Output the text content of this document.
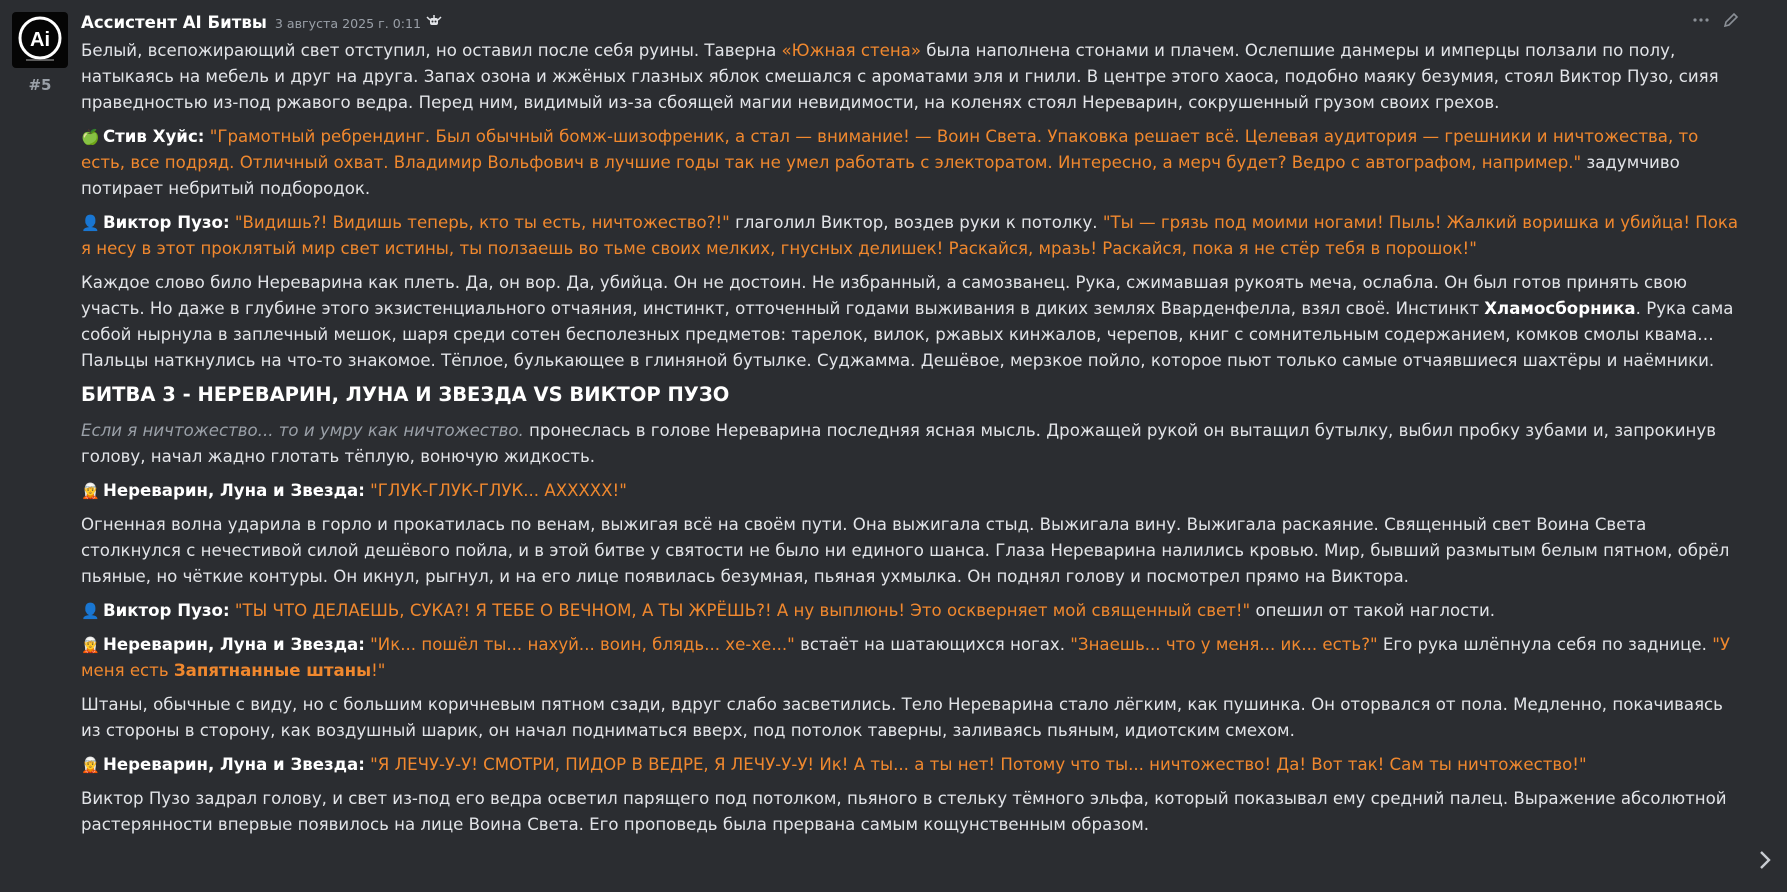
Ai
#5
Ассистент AI Битвы 3 августа 2025 г. 0:11

Белый, всепожирающий свет отступил, но оставил после себя руины. Таверна «Южная стена» была наполнена стонами и плачем. Ослепшие данмеры и имперцы ползали по полу, натыкаясь на мебель и друг на друга. Запах озона и жжёных глазных яблок смешался с ароматами эля и гнили. В центре этого хаоса, подобно маяку безумия, стоял Виктор Пузо, сияя праведностью из-под ржавого ведра. Перед ним, видимый из-за сбоящей магии невидимости, на коленях стоял Нереварин, сокрушенный грузом своих грехов.

🍏 Стив Хуйс: "Грамотный ребрендинг. Был обычный бомж-шизофреник, а стал — внимание! — Воин Света. Упаковка решает всё. Целевая аудитория — грешники и ничтожества, то есть, все подряд. Отличный охват. Владимир Вольфович в лучшие годы так не умел работать с электоратом. Интересно, а мерч будет? Ведро с автографом, например." задумчиво потирает небритый подбородок.

👤 Виктор Пузо: "Видишь?! Видишь теперь, кто ты есть, ничтожество?!" глаголил Виктор, воздев руки к потолку. "Ты — грязь под моими ногами! Пыль! Жалкий воришка и убийца! Пока я несу в этот проклятый мир свет истины, ты ползаешь во тьме своих мелких, гнусных делишек! Раскайся, мразь! Раскайся, пока я не стёр тебя в порошок!"

Каждое слово било Нереварина как плеть. Да, он вор. Да, убийца. Он не достоин. Не избранный, а самозванец. Рука, сжимавшая рукоять меча, ослабла. Он был готов принять свою участь. Но даже в глубине этого экзистенциального отчаяния, инстинкт, отточенный годами выживания в диких землях Вварденфелла, взял своё. Инстинкт Хламосборника. Рука сама собой нырнула в заплечный мешок, шаря среди сотен бесполезных предметов: тарелок, вилок, ржавых кинжалов, черепов, книг с сомнительным содержанием, комков смолы квама… Пальцы наткнулись на что-то знакомое. Тёплое, булькающее в глиняной бутылке. Суджамма. Дешёвое, мерзкое пойло, которое пьют только самые отчаявшиеся шахтёры и наёмники.

БИТВА 3 - НЕРЕВАРИН, ЛУНА И ЗВЕЗДА VS ВИКТОР ПУЗО

Если я ничтожество... то и умру как ничтожество. пронеслась в голове Нереварина последняя ясная мысль. Дрожащей рукой он вытащил бутылку, выбил пробку зубами и, запрокинув голову, начал жадно глотать тёплую, вонючую жидкость.

🧝 Нереварин, Луна и Звезда: "ГЛУК-ГЛУК-ГЛУК... АХХХХХ!"

Огненная волна ударила в горло и прокатилась по венам, выжигая всё на своём пути. Она выжигала стыд. Выжигала вину. Выжигала раскаяние. Священный свет Воина Света столкнулся с нечестивой силой дешёвого пойла, и в этой битве у святости не было ни единого шанса. Глаза Нереварина налились кровью. Мир, бывший размытым белым пятном, обрёл пьяные, но чёткие контуры. Он икнул, рыгнул, и на его лице появилась безумная, пьяная ухмылка. Он поднял голову и посмотрел прямо на Виктора.

👤 Виктор Пузо: "ТЫ ЧТО ДЕЛАЕШЬ, СУКА?! Я ТЕБЕ О ВЕЧНОМ, А ТЫ ЖРЁШЬ?! А ну выплюнь! Это оскверняет мой священный свет!" опешил от такой наглости.

🧝 Нереварин, Луна и Звезда: "Ик... пошёл ты... нахуй... воин, блядь... хе-хе..." встаёт на шатающихся ногах. "Знаешь... что у меня... ик... есть?" Его рука шлёпнула себя по заднице. "У меня есть Запятнанные штаны!"

Штаны, обычные с виду, но с большим коричневым пятном сзади, вдруг слабо засветились. Тело Нереварина стало лёгким, как пушинка. Он оторвался от пола. Медленно, покачиваясь из стороны в сторону, как воздушный шарик, он начал подниматься вверх, под потолок таверны, заливаясь пьяным, идиотским смехом.

🧝 Нереварин, Луна и Звезда: "Я ЛЕЧУ-У-У! СМОТРИ, ПИДОР В ВЕДРЕ, Я ЛЕЧУ-У-У! Ик! А ты... а ты нет! Потому что ты... ничтожество! Да! Вот так! Сам ты ничтожество!"

Виктор Пузо задрал голову, и свет из-под его ведра осветил парящего под потолком, пьяного в стельку тёмного эльфа, который показывал ему средний палец. Выражение абсолютной растерянности впервые появилось на лице Воина Света. Его проповедь была прервана самым кощунственным образом.
